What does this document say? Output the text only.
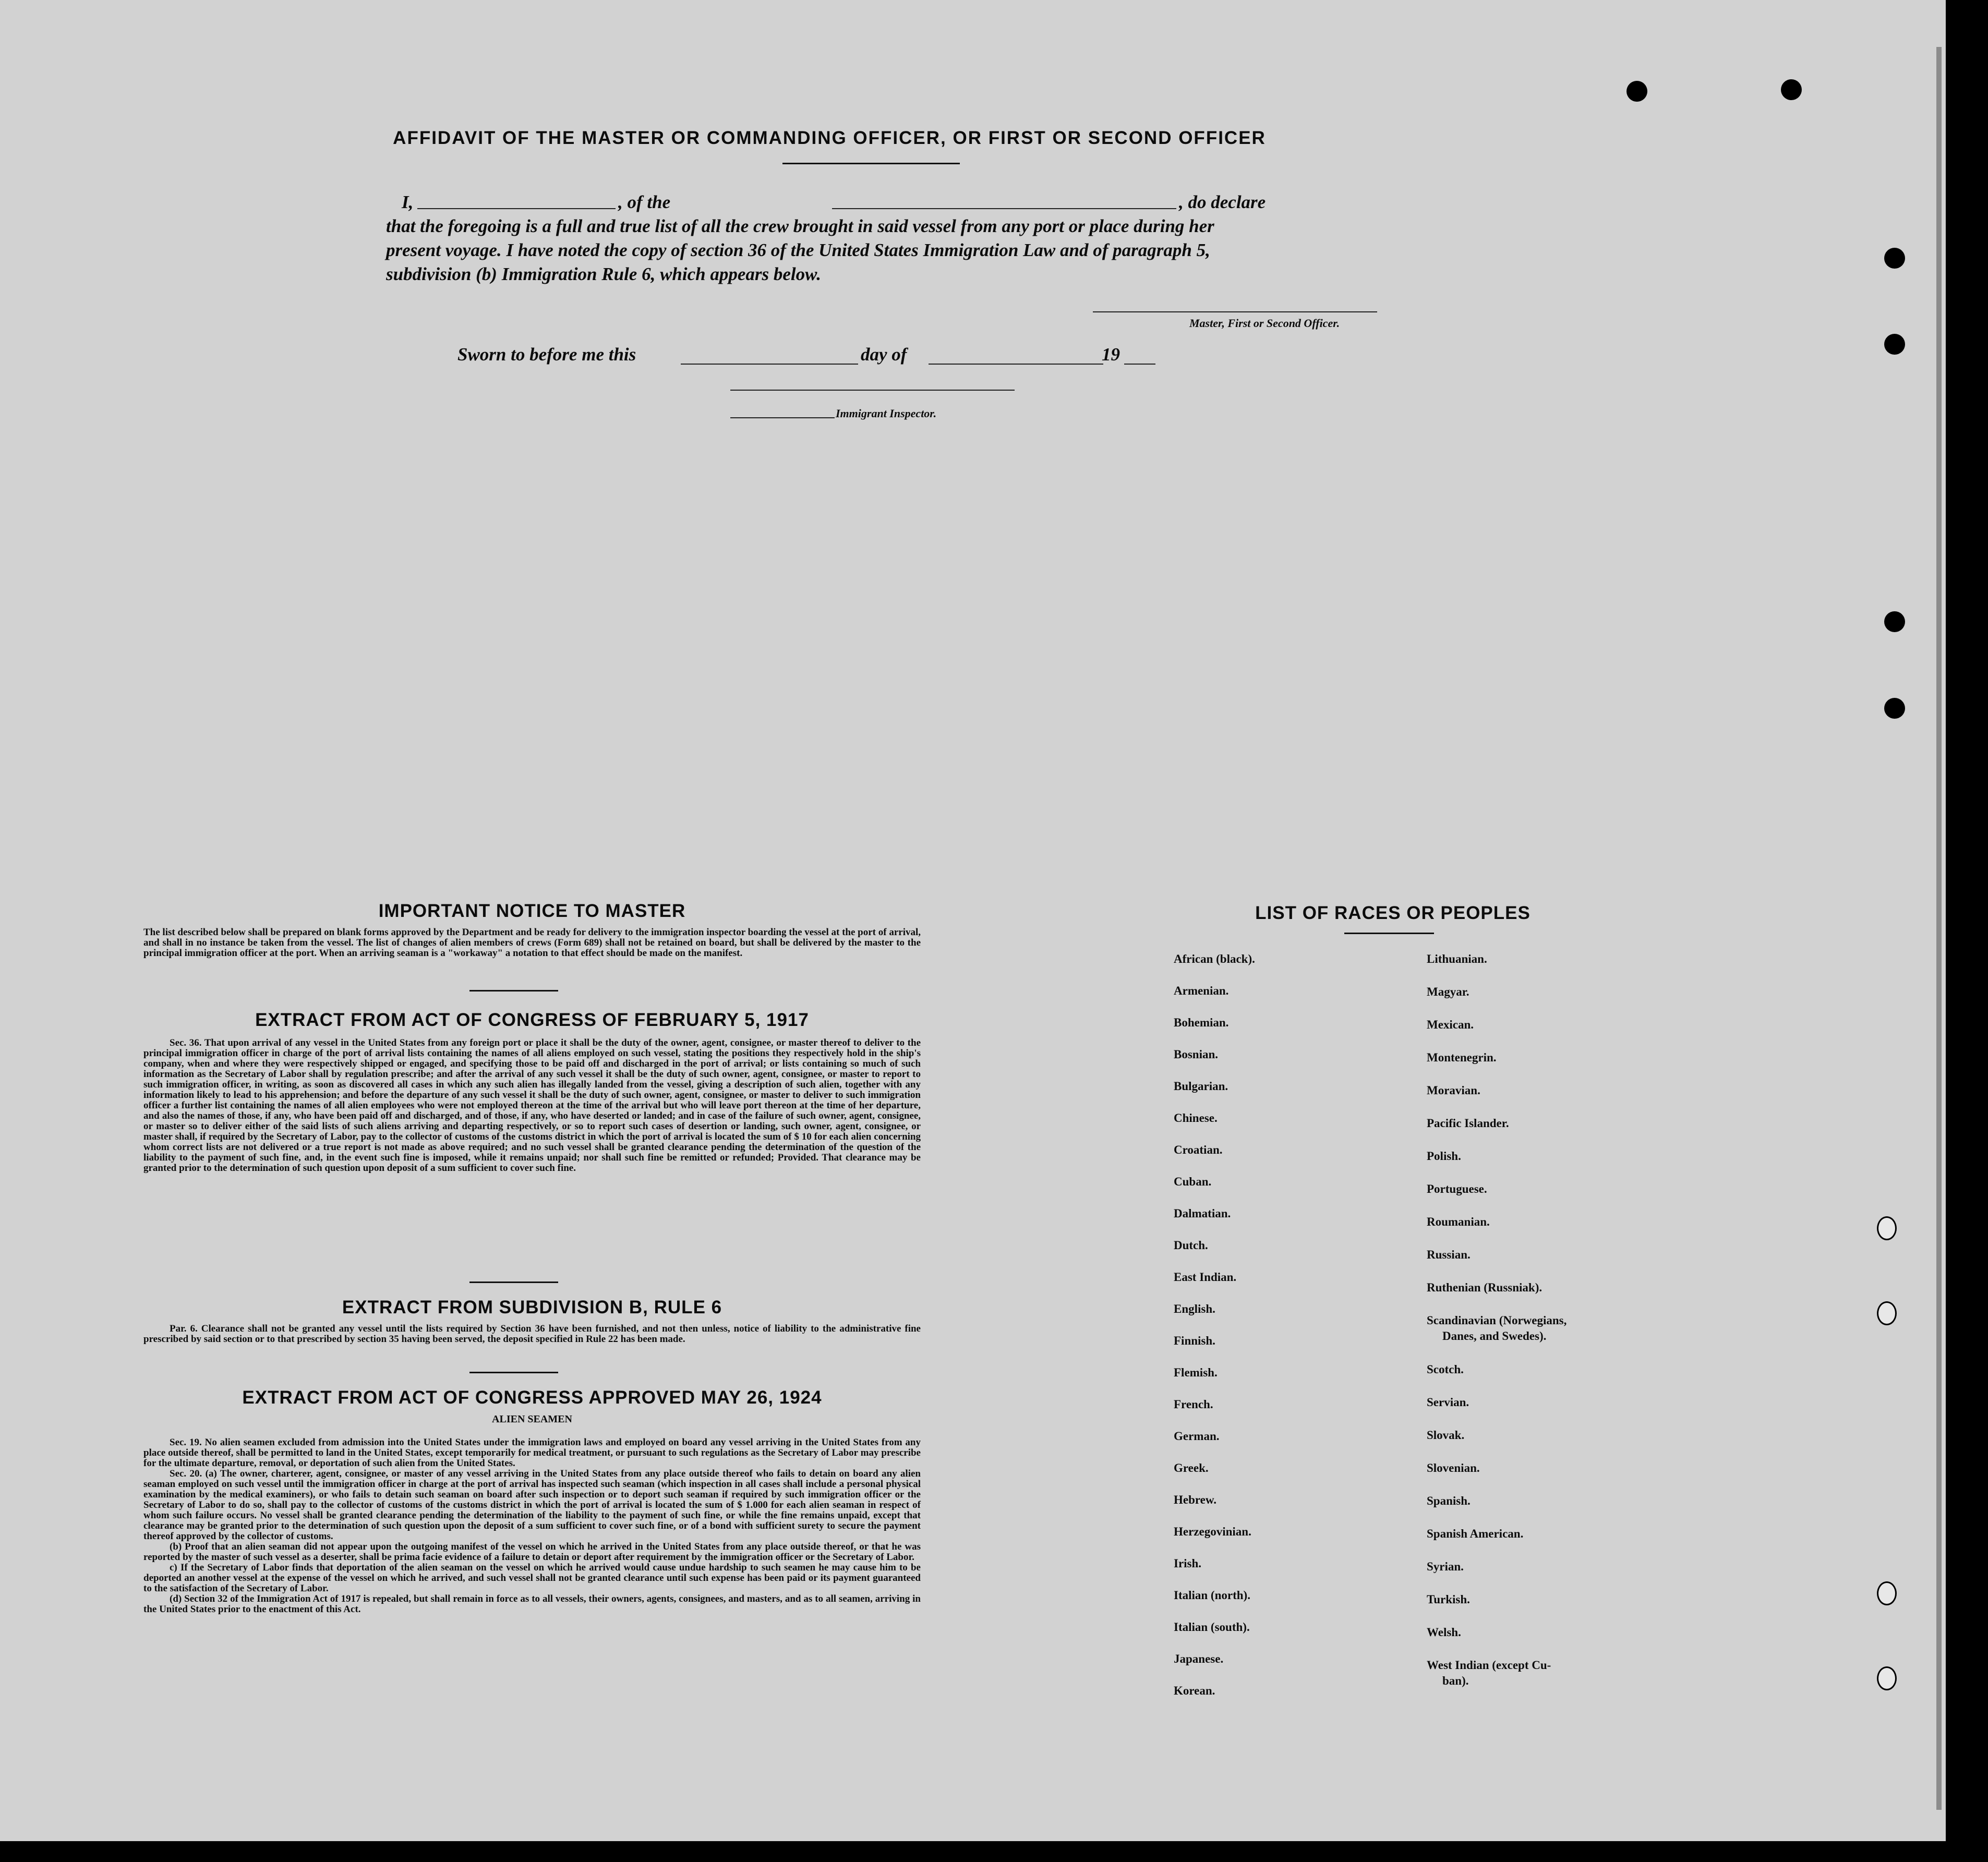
AFFIDAVIT OF THE MASTER OR COMMANDING OFFICER, OR FIRST OR SECOND OFFICER
I,	, of the	, do declare
that the foregoing is a full and true list of all the crew brought in said vessel from any port or place during her
present voyage. I have noted the copy of section 36 of the United States Immigration Law and of paragraph 5,
subdivision (b) Immigration Rule 6, which appears below.
Master, First or Second Officer.
Sworn to before me this	day of	19
Immigrant Inspector.
IMPORTANT NOTICE TO MASTER
The list described below shall be prepared on blank forms approved by the Department and be ready for delivery to the immigration inspector boarding the vessel at the port of arrival, and shall in no instance be taken from the vessel. The list of changes of alien members of crews (Form 689) shall not be retained on board, but shall be delivered by the master to the principal immigration officer at the port. When an arriving seaman is a "workaway" a notation to that effect should be made on the manifest.
EXTRACT FROM ACT OF CONGRESS OF FEBRUARY 5, 1917
Sec. 36. That upon arrival of any vessel in the United States from any foreign port or place it shall be the duty of the owner, agent, consignee, or master thereof to deliver to the principal immigration officer in charge of the port of arrival lists containing the names of all aliens employed on such vessel, stating the positions they respectively hold in the ship's company, when and where they were respectively shipped or engaged, and specifying those to be paid off and discharged in the port of arrival; or lists containing so much of such information as the Secretary of Labor shall by regulation prescribe; and after the arrival of any such vessel it shall be the duty of such owner, agent, consignee, or master to report to such immigration officer, in writing, as soon as discovered all cases in which any such alien has illegally landed from the vessel, giving a description of such alien, together with any information likely to lead to his apprehension; and before the departure of any such vessel it shall be the duty of such owner, agent, consignee, or master to deliver to such immigration officer a further list containing the names of all alien employees who were not employed thereon at the time of the arrival but who will leave port thereon at the time of her departure, and also the names of those, if any, who have been paid off and discharged, and of those, if any, who have deserted or landed; and in case of the failure of such owner, agent, consignee, or master so to deliver either of the said lists of such aliens arriving and departing respectively, or so to report such cases of desertion or landing, such owner, agent, consignee, or master shall, if required by the Secretary of Labor, pay to the collector of customs of the customs district in which the port of arrival is located the sum of $ 10 for each alien concerning whom correct lists are not delivered or a true report is not made as above required; and no such vessel shall be granted clearance pending the determination of the question of the liability to the payment of such fine, and, in the event such fine is imposed, while it remains unpaid; nor shall such fine be remitted or refunded; Provided. That clearance may be granted prior to the determination of such question upon deposit of a sum sufficient to cover such fine.
EXTRACT FROM SUBDIVISION B, RULE 6
Par. 6. Clearance shall not be granted any vessel until the lists required by Section 36 have been furnished, and not then unless, notice of liability to the administrative fine prescribed by said section or to that prescribed by section 35 having been served, the deposit specified in Rule 22 has been made.
EXTRACT FROM ACT OF CONGRESS APPROVED MAY 26, 1924
ALIEN SEAMEN
Sec. 19. No alien seamen excluded from admission into the United States under the immigration laws and employed on board any vessel arriving in the United States from any place outside thereof, shall be permitted to land in the United States, except temporarily for medical treatment, or pursuant to such regulations as the Secretary of Labor may prescribe for the ultimate departure, removal, or deportation of such alien from the United States.
Sec. 20. (a) The owner, charterer, agent, consignee, or master of any vessel arriving in the United States from any place outside thereof who fails to detain on board any alien seaman employed on such vessel until the immigration officer in charge at the port of arrival has inspected such seaman (which inspection in all cases shall include a personal physical examination by the medical examiners), or who fails to detain such seaman on board after such inspection or to deport such seaman if required by such immigration officer or the Secretary of Labor to do so, shall pay to the collector of customs of the customs district in which the port of arrival is located the sum of $ 1.000 for each alien seaman in respect of whom such failure occurs. No vessel shall be granted clearance pending the determination of the liability to the payment of such fine, or while the fine remains unpaid, except that clearance may be granted prior to the determination of such question upon the deposit of a sum sufficient to cover such fine, or of a bond with sufficient surety to secure the payment thereof approved by the collector of customs.
(b) Proof that an alien seaman did not appear upon the outgoing manifest of the vessel on which he arrived in the United States from any place outside thereof, or that he was reported by the master of such vessel as a deserter, shall be prima facie evidence of a failure to detain or deport after requirement by the immigration officer or the Secretary of Labor.
c) If the Secretary of Labor finds that deportation of the alien seaman on the vessel on which he arrived would cause undue hardship to such seamen he may cause him to be deported an another vessel at the expense of the vessel on which he arrived, and such vessel shall not be granted clearance until such expense has been paid or its payment guaranteed to the satisfaction of the Secretary of Labor.
(d) Section 32 of the Immigration Act of 1917 is repealed, but shall remain in force as to all vessels, their owners, agents, consignees, and masters, and as to all seamen, arriving in the United States prior to the enactment of this Act.
LIST OF RACES OR PEOPLES
African (black).
Armenian.
Bohemian.
Bosnian.
Bulgarian.
Chinese.
Croatian.
Cuban.
Dalmatian.
Dutch.
East Indian.
English.
Finnish.
Flemish.
French.
German.
Greek.
Hebrew.
Herzegovinian.
Irish.
Italian (north).
Italian (south).
Japanese.
Korean.
Lithuanian.
Magyar.
Mexican.
Montenegrin.
Moravian.
Pacific Islander.
Polish.
Portuguese.
Roumanian.
Russian.
Ruthenian (Russniak).
Scandinavian (Norwegians,
Danes, and Swedes).
Scotch.
Servian.
Slovak.
Slovenian.
Spanish.
Spanish American.
Syrian.
Turkish.
Welsh.
West Indian (except Cu-
ban).
